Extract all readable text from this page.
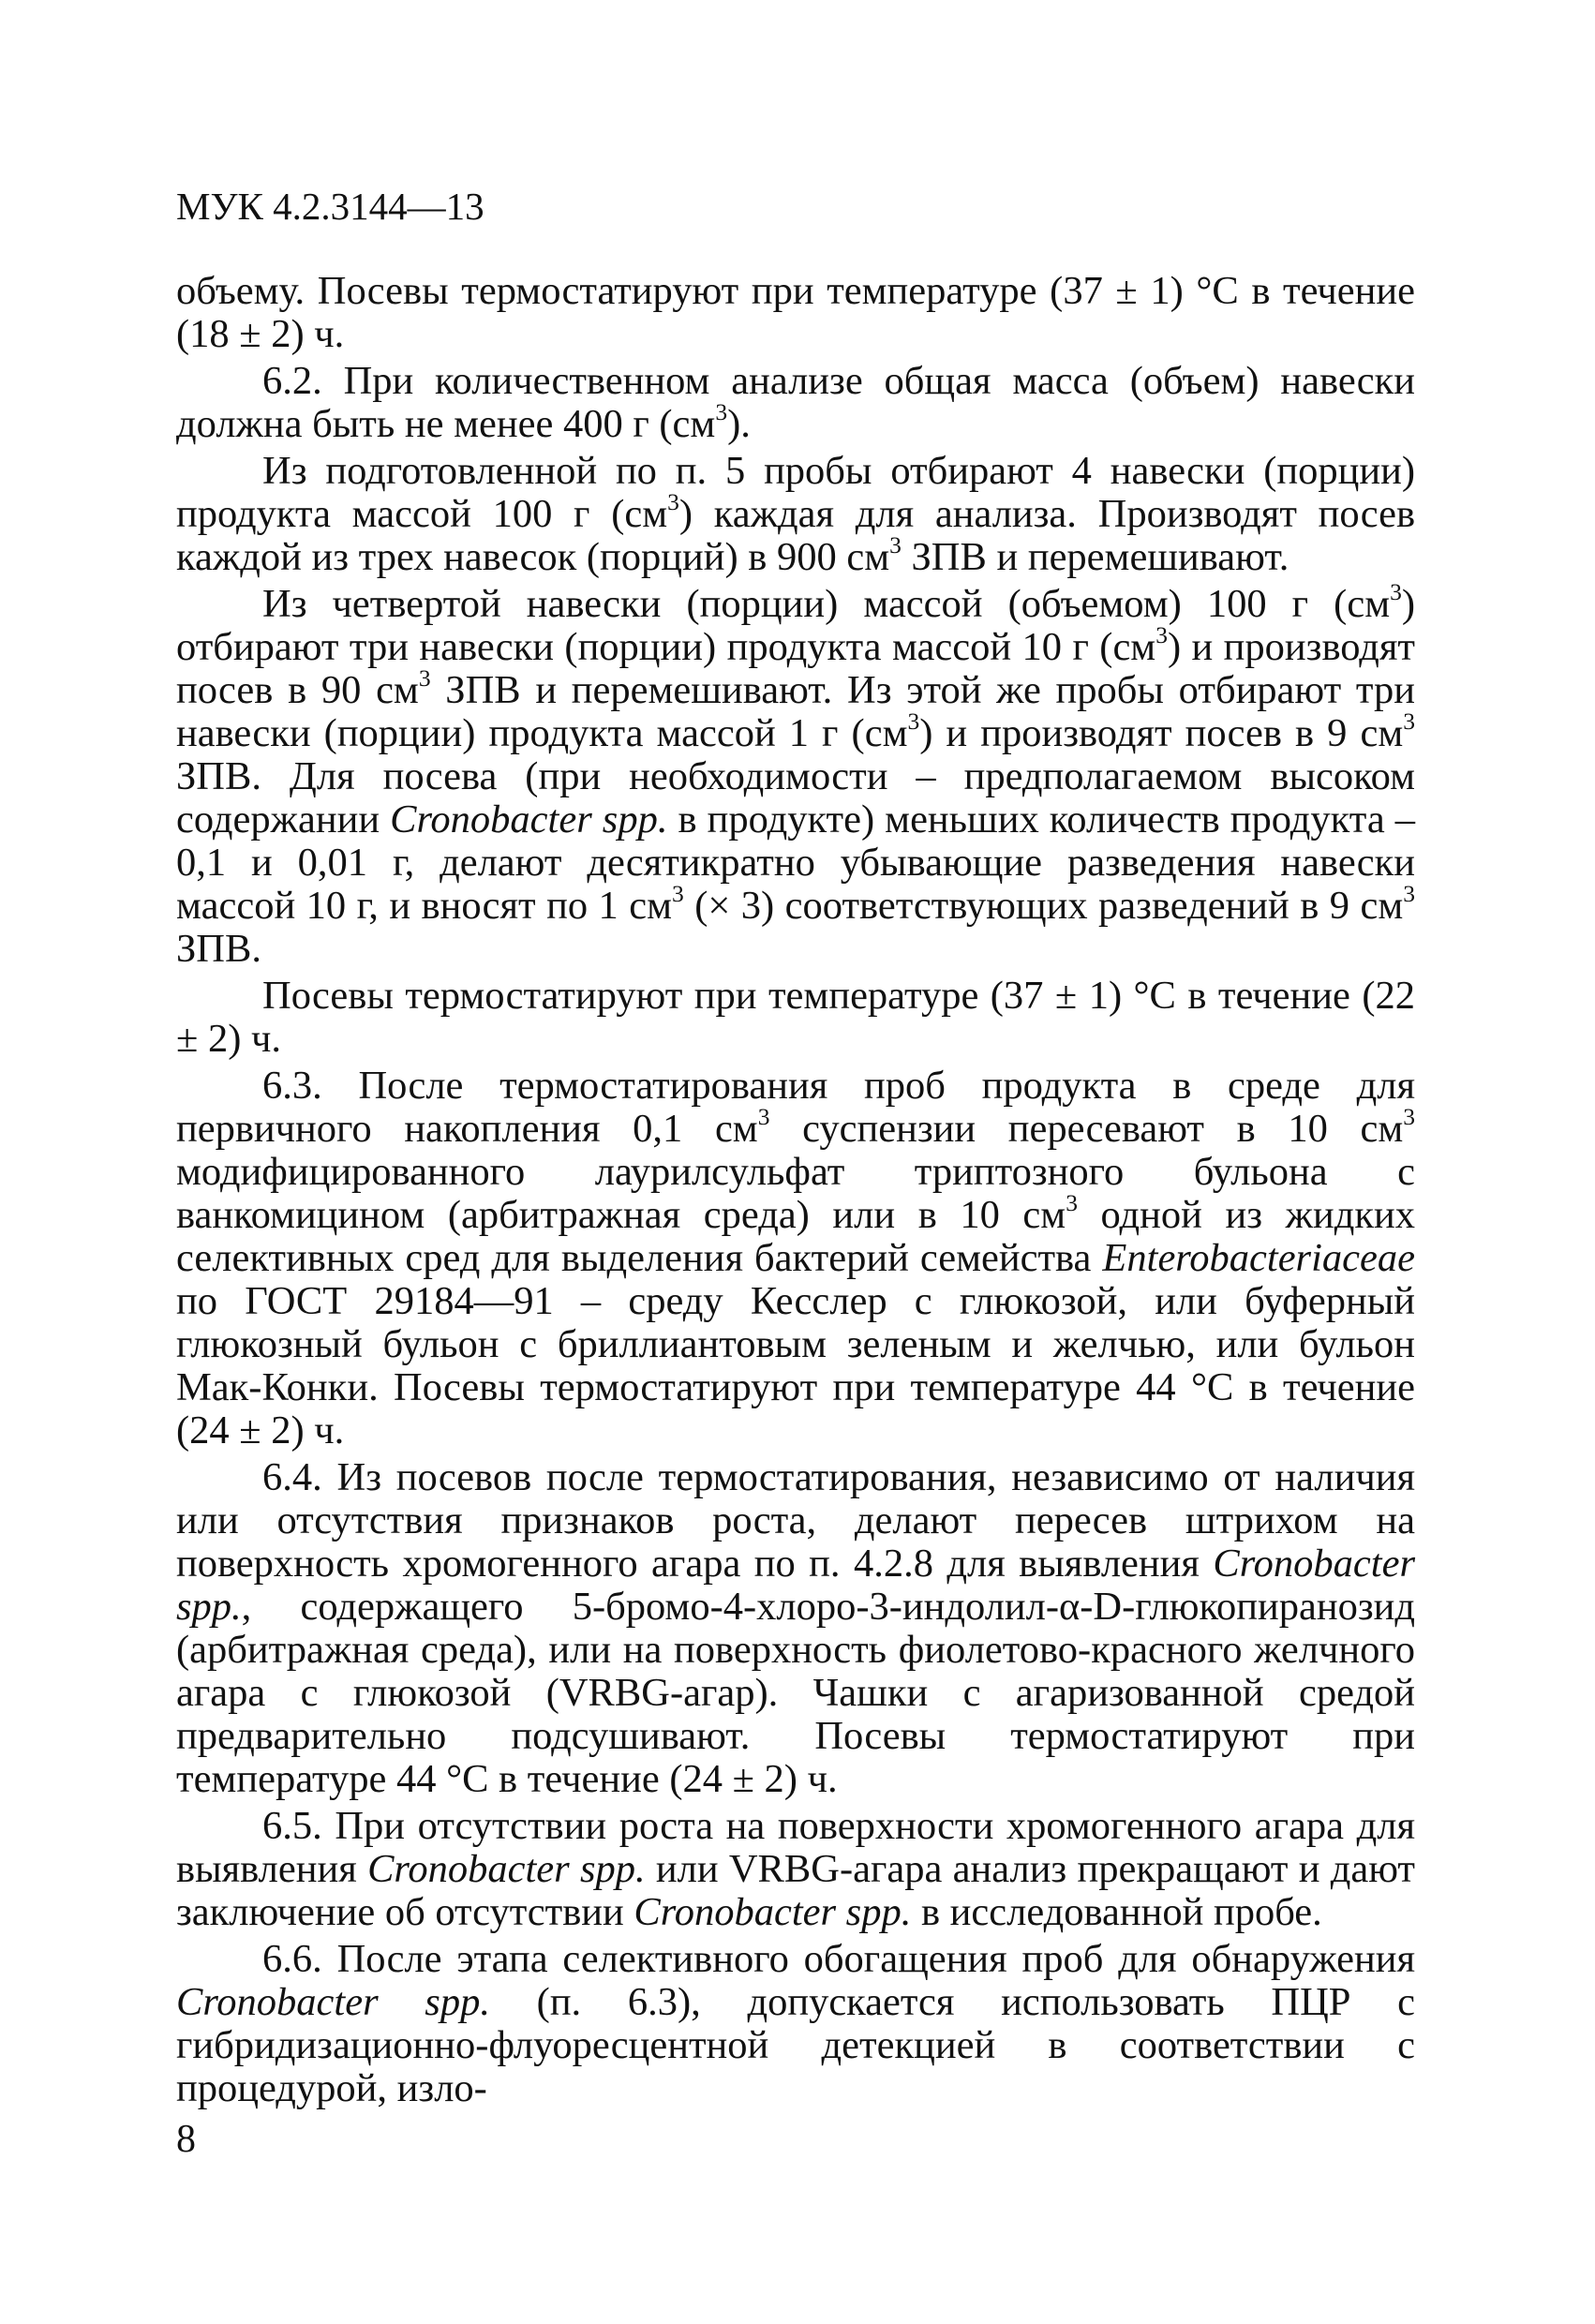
МУК 4.2.3144—13

объему. Посевы термостатируют при температуре (37 ± 1) °С в течение (18 ± 2) ч.

6.2. При количественном анализе общая масса (объем) навески должна быть не менее 400 г $(см^3)$.

Из подготовленной по п. 5 пробы отбирают 4 навески (порции) продукта массой 100 г $(см^3)$ каждая для анализа. Производят посев каждой из трех навесок (порций) в 900 $см^3$ ЗПВ и перемешивают.

Из четвертой навески (порции) массой (объемом) 100 г $(см^3)$ отбирают три навески (порции) продукта массой 10 г $(см^3)$ и производят посев в 90 $см^3$ ЗПВ и перемешивают. Из этой же пробы отбирают три навески (порции) продукта массой 1 г $(см^3)$ и производят посев в 9 $см^3$ ЗПВ. Для посева (при необходимости – предполагаемом высоком содержании Cronobacter spp. в продукте) меньших количеств продукта – 0,1 и 0,01 г, делают десятикратно убывающие разведения навески массой 10 г, и вносят по 1 $см^3$ (× 3) соответствующих разведений в 9 $см^3$ ЗПВ.

Посевы термостатируют при температуре (37 ± 1) °С в течение (22 ± 2) ч.

6.3. После термостатирования проб продукта в среде для первичного накопления 0,1 $см^3$ суспензии пересевают в 10 $см^3$ модифицированного лаурилсульфат триптозного бульона с ванкомицином (арбитражная среда) или в 10 $см^3$ одной из жидких селективных сред для выделения бактерий семейства Enterobacteriaceae по ГОСТ 29184—91 – среду Кесслер с глюкозой, или буферный глюкозный бульон с бриллиантовым зеленым и желчью, или бульон Мак-Конки. Посевы термостатируют при температуре 44 °С в течение (24 ± 2) ч.

6.4. Из посевов после термостатирования, независимо от наличия или отсутствия признаков роста, делают пересев штрихом на поверхность хромогенного агара по п. 4.2.8 для выявления Cronobacter spp., содержащего 5-бромо-4-хлоро-3-индолил-α-D-глюкопиранозид (арбитражная среда), или на поверхность фиолетово-красного желчного агара с глюкозой (VRBG-агар). Чашки с агаризованной средой предварительно подсушивают. Посевы термостатируют при температуре 44 °С в течение (24 ± 2) ч.

6.5. При отсутствии роста на поверхности хромогенного агара для выявления Cronobacter spp. или VRBG-агара анализ прекращают и дают заключение об отсутствии Cronobacter spp. в исследованной пробе.

6.6. После этапа селективного обогащения проб для обнаружения Cronobacter spp. (п. 6.3), допускается использовать ПЦР с гибридизационно-флуоресцентной детекцией в соответствии с процедурой, изло-

8
